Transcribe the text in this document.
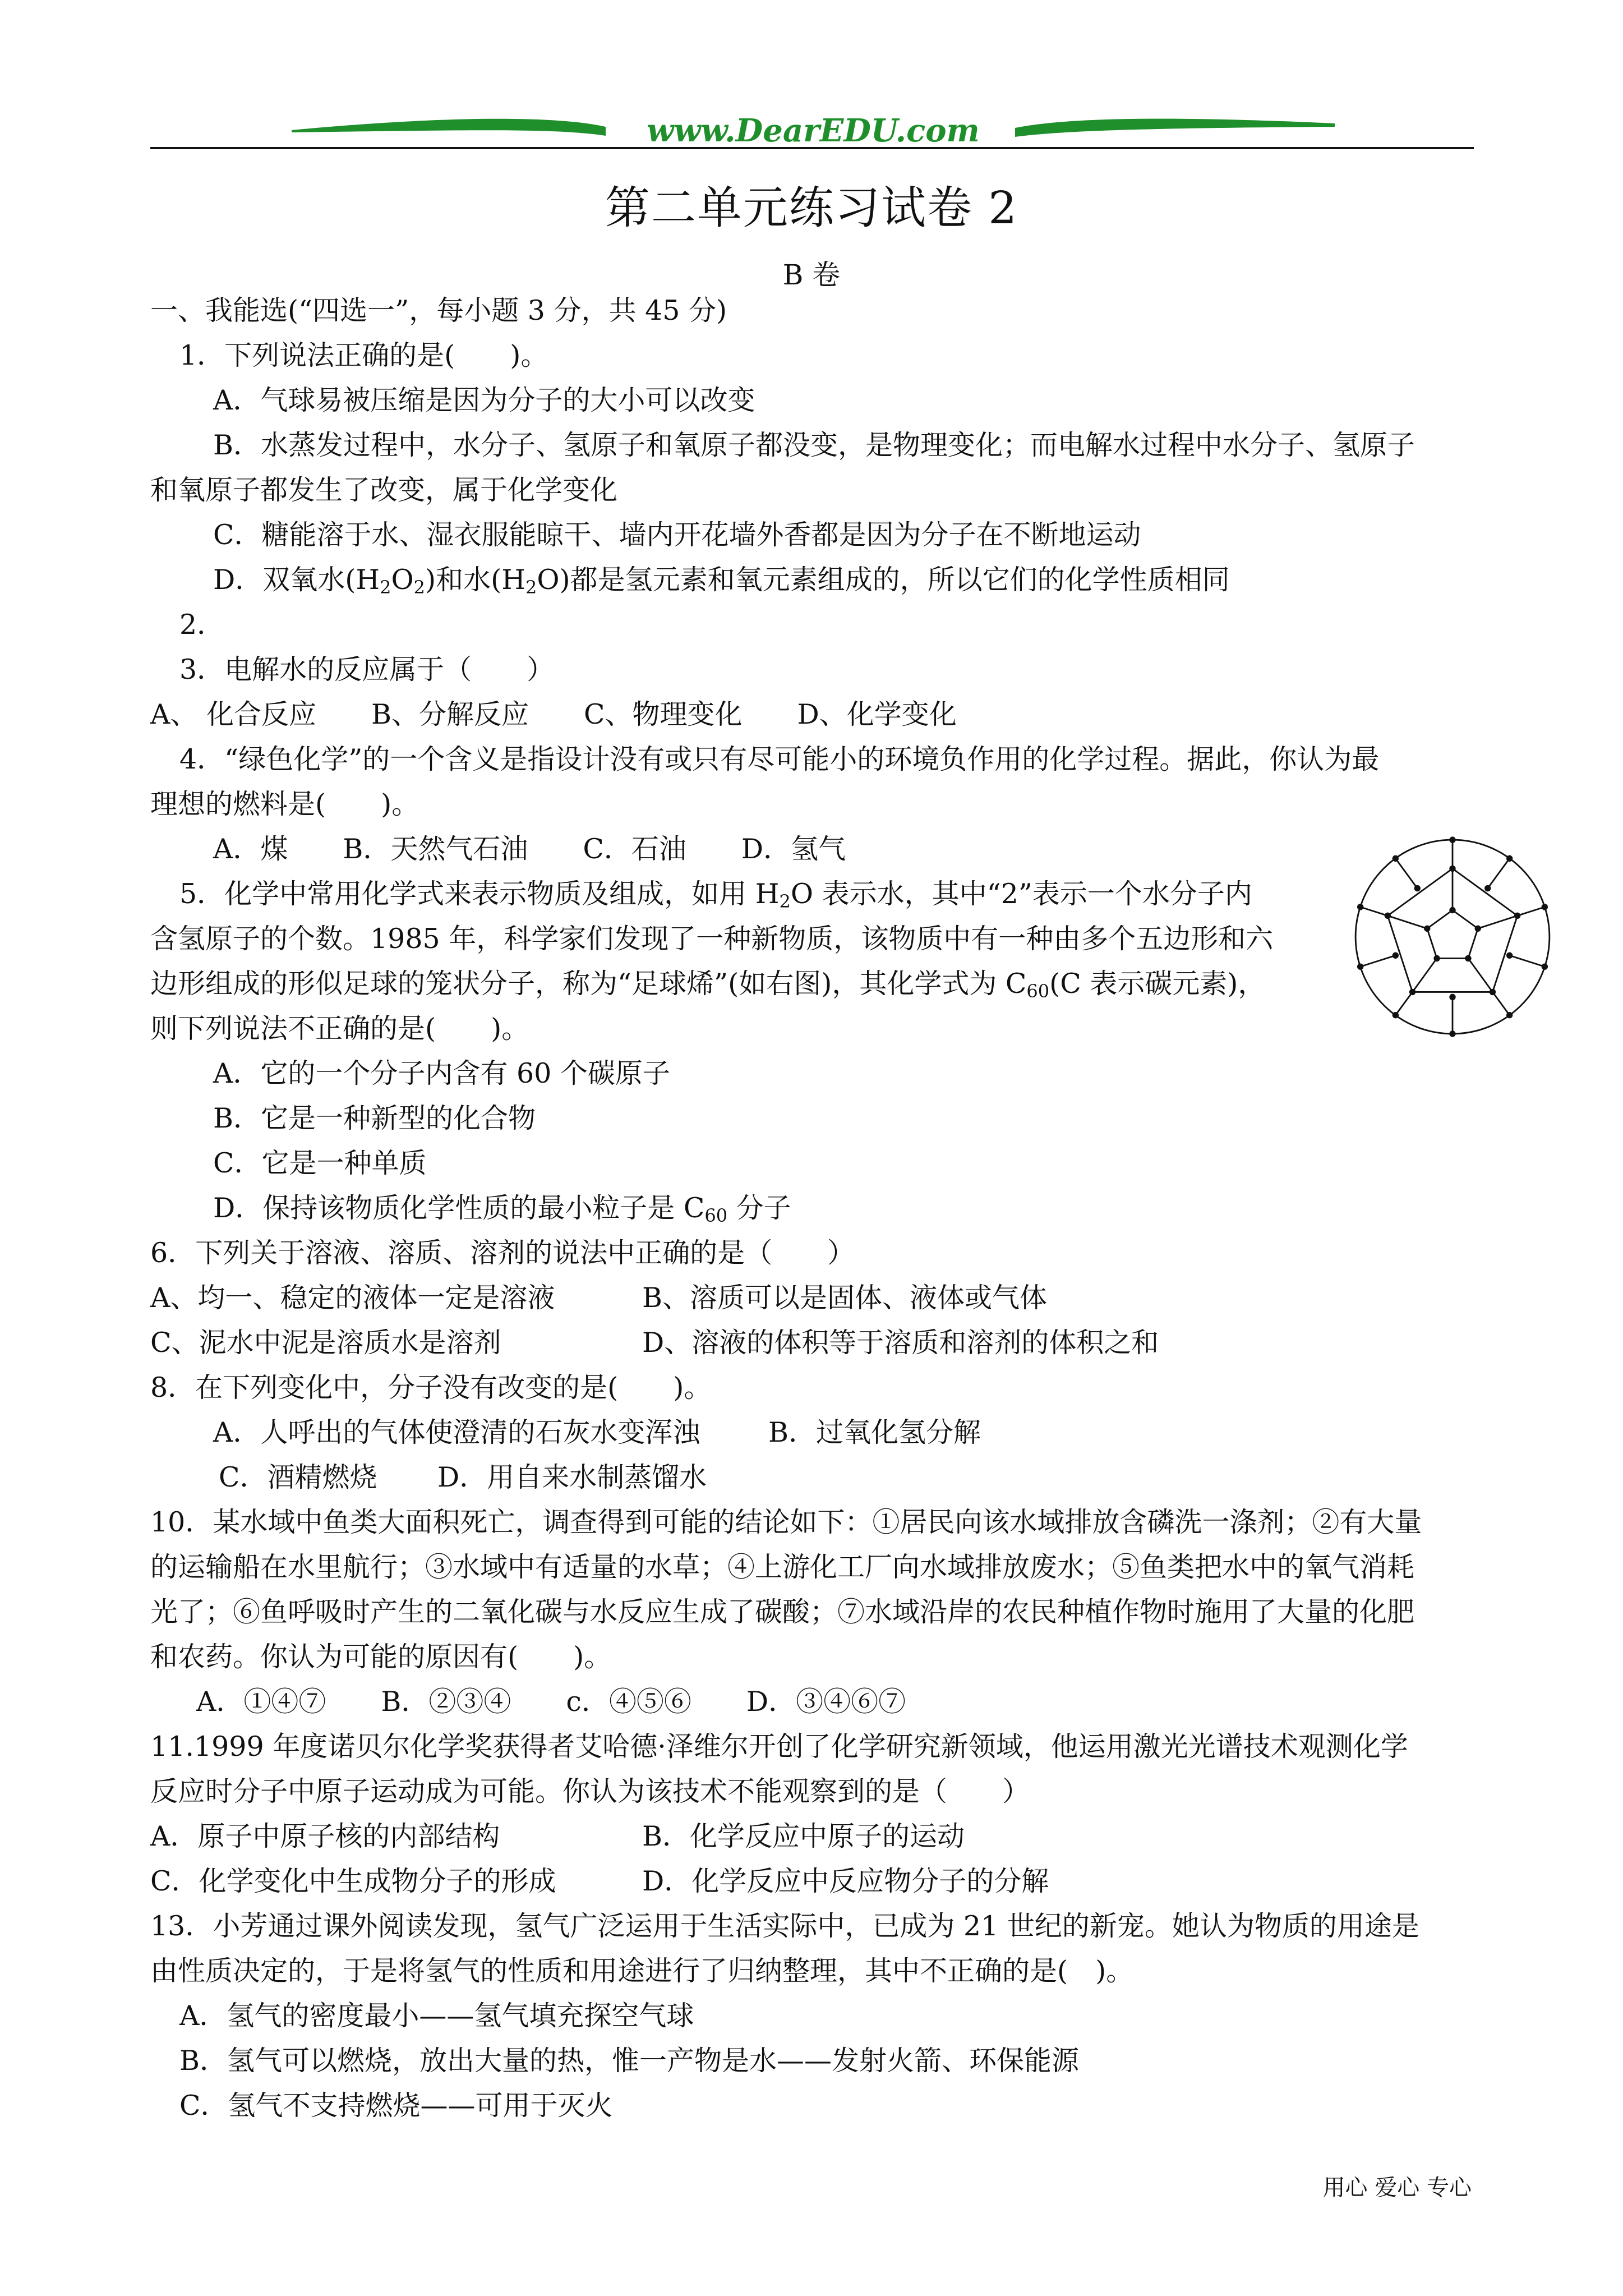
www.DearEDU.com
第二单元练习试卷 2
B 卷
一、我能选(“四选一”，每小题 3 分，共 45 分)
1．下列说法正确的是(　　)。
A．气球易被压缩是因为分子的大小可以改变
B．水蒸发过程中，水分子、氢原子和氧原子都没变，是物理变化；而电解水过程中水分子、氢原子
和氧原子都发生了改变，属于化学变化
C．糖能溶于水、湿衣服能晾干、墙内开花墙外香都是因为分子在不断地运动
D．双氧水$(H_2O_2)$和水$(H_2O)$都是氢元素和氧元素组成的，所以它们的化学性质相同
2．
3．电解水的反应属于（　　）
A、 化合反应　　B、分解反应　　C、物理变化　　D、化学变化
4．“绿色化学”的一个含义是指设计没有或只有尽可能小的环境负作用的化学过程。据此，你认为最
理想的燃料是(　　)。
A．煤　　B．天然气石油　　C．石油　　D．氢气
5．化学中常用化学式来表示物质及组成，如用 $H_2O$ 表示水，其中“2”表示一个水分子内
含氢原子的个数。1985 年，科学家们发现了一种新物质，该物质中有一种由多个五边形和六
边形组成的形似足球的笼状分子，称为“足球烯”(如右图)，其化学式为 $C_{60}(C$ 表示碳元素)，
则下列说法不正确的是(　　)。
A．它的一个分子内含有 60 个碳原子
B．它是一种新型的化合物
C．它是一种单质
D．保持该物质化学性质的最小粒子是 $C_{60}$ 分子
6．下列关于溶液、溶质、溶剂的说法中正确的是（　　）
A、均一、稳定的液体一定是溶液	B、溶质可以是固体、液体或气体
C、泥水中泥是溶质水是溶剂	D、溶液的体积等于溶质和溶剂的体积之和
8．在下列变化中，分子没有改变的是(　　)。
A．人呼出的气体使澄清的石灰水变浑浊 B．过氧化氢分解
C．酒精燃烧 D．用自来水制蒸馏水
10．某水域中鱼类大面积死亡，调查得到可能的结论如下：①居民向该水域排放含磷洗一涤剂；②有大量
的运输船在水里航行；③水域中有适量的水草；④上游化工厂向水域排放废水；⑤鱼类把水中的氧气消耗
光了；⑥鱼呼吸时产生的二氧化碳与水反应生成了碳酸；⑦水域沿岸的农民种植作物时施用了大量的化肥
和农药。你认为可能的原因有(　　)。
A．①④⑦　　B．②③④　　c．④⑤⑥　　D．③④⑥⑦
11.1999 年度诺贝尔化学奖获得者艾哈德·泽维尔开创了化学研究新领域，他运用激光光谱技术观测化学
反应时分子中原子运动成为可能。你认为该技术不能观察到的是（　　）
A．原子中原子核的内部结构	B．化学反应中原子的运动
C．化学变化中生成物分子的形成	D．化学反应中反应物分子的分解
13．小芳通过课外阅读发现，氢气广泛运用于生活实际中，已成为 21 世纪的新宠。她认为物质的用途是
由性质决定的，于是将氢气的性质和用途进行了归纳整理，其中不正确的是(　)。
A．氢气的密度最小——氢气填充探空气球
B．氢气可以燃烧，放出大量的热，惟一产物是水——发射火箭、环保能源
C．氢气不支持燃烧——可用于灭火
用心 爱心 专心
